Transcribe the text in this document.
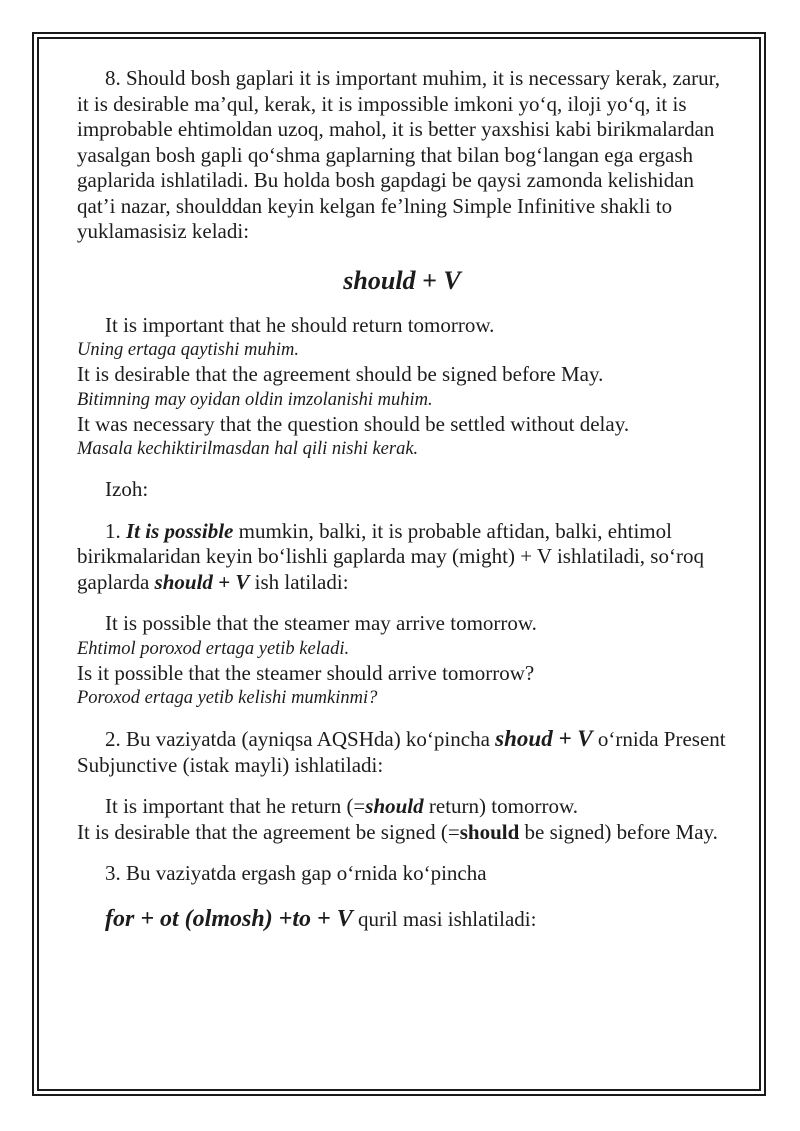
8. Should bosh gaplari it is important muhim, it is necessary kerak, zarur, it is desirable ma’qul, kerak, it is impossible imkoni yo‘q, iloji yo‘q, it is improbable ehtimoldan uzoq, mahol, it is better yaxshisi kabi birikmalardan yasalgan bosh gapli qo‘shma gaplarning that bilan bog‘langan ega ergash gaplarida ishlatiladi. Bu holda bosh gapdagi be qaysi zamonda kelishidan qat’i nazar, shoulddan keyin kelgan fe’lning Simple Infinitive shakli to yuklamasisiz keladi:

should + V

It is important that he should return tomorrow.

Uning ertaga qaytishi muhim.

It is desirable that the agreement should be signed before May.

Bitimning may oyidan oldin imzolanishi muhim.

It was necessary that the question should be settled without delay.

Masala kechiktirilmasdan hal qili nishi kerak.

Izoh:

1. It is possible mumkin, balki, it is probable aftidan, balki, ehtimol birikmalaridan keyin bo‘lishli gaplarda may (might) + V ishlatiladi, so‘roq gaplarda should + V ish latiladi:

It is possible that the steamer may arrive tomorrow.

Ehtimol poroxod ertaga yetib keladi.

Is it possible that the steamer should arrive tomorrow?

Poroxod ertaga yetib kelishi mumkinmi?

2. Bu vaziyatda (ayniqsa AQSHda) ko‘pincha shoud + V o‘rnida Present Subjunctive (istak mayli) ishlatiladi:

It is important that he return (=should return) tomorrow.

It is desirable that the agreement be signed (=should be signed) before May.

3. Bu vaziyatda ergash gap o‘rnida ko‘pincha

for + ot (olmosh) +to + V quril masi ishlatiladi:
